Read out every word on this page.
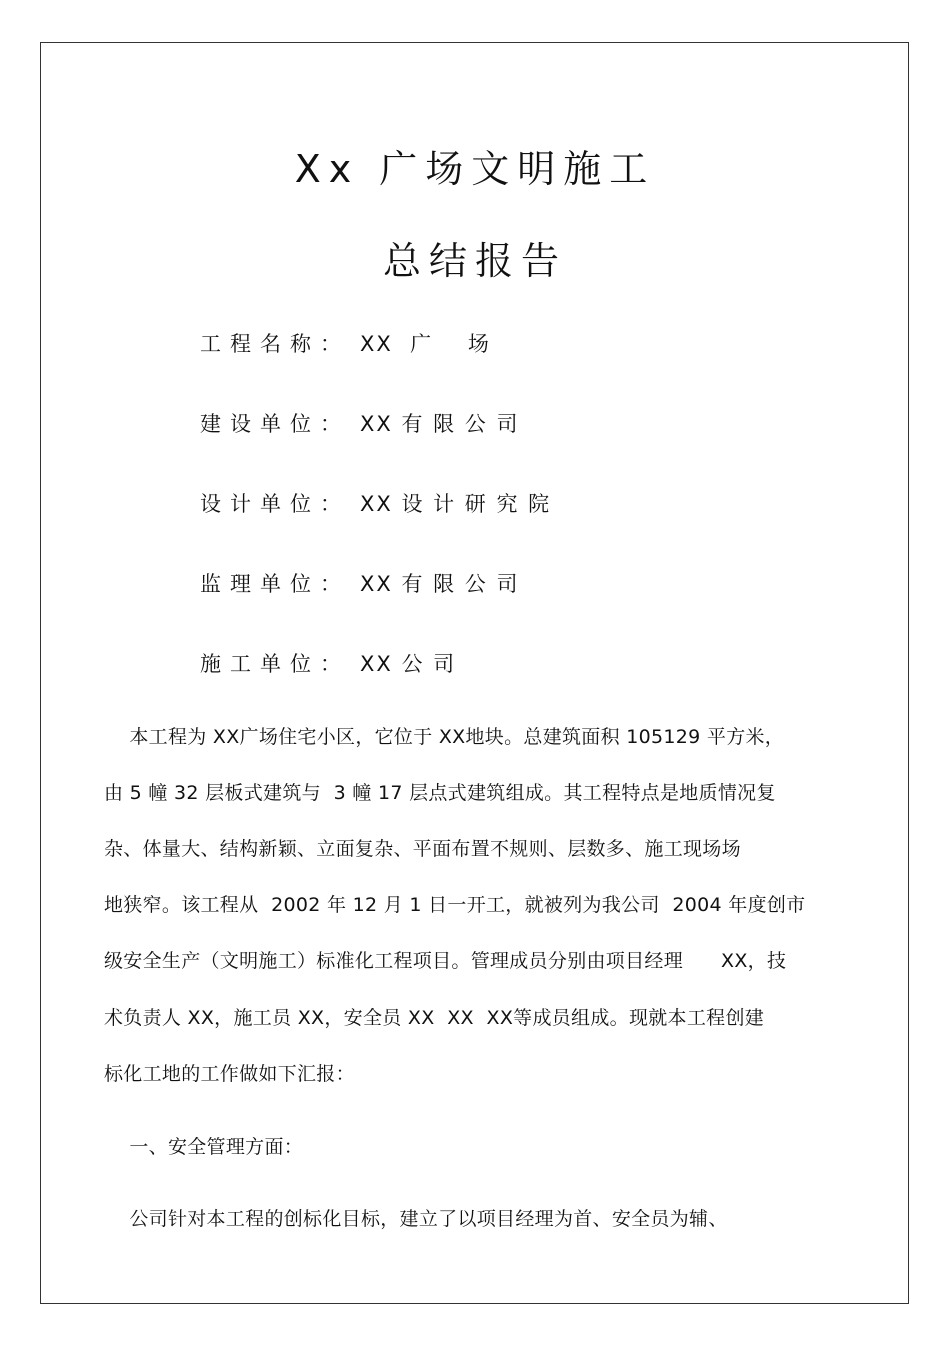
Xx 广场文明施工
总结报告
工程名称： XX  广    场
建设单位： XX 有 限 公 司
设计单位： XX 设 计 研 究 院
监理单位： XX 有 限 公 司
施工单位： XX 公 司
本工程为 XX广场住宅小区，它位于 XX地块。总建筑面积 105129 平方米，
由 5 幢 32 层板式建筑与  3 幢 17 层点式建筑组成。其工程特点是地质情况复
杂、体量大、结构新颖、立面复杂、平面布置不规则、层数多、施工现场场
地狭窄。该工程从  2002 年 12 月 1 日一开工，就被列为我公司  2004 年度创市
级安全生产（文明施工）标准化工程项目。管理成员分别由项目经理      XX，技
术负责人 XX，施工员 XX，安全员 XX  XX  XX等成员组成。现就本工程创建
标化工地的工作做如下汇报：
一、安全管理方面：
公司针对本工程的创标化目标，建立了以项目经理为首、安全员为辅、
